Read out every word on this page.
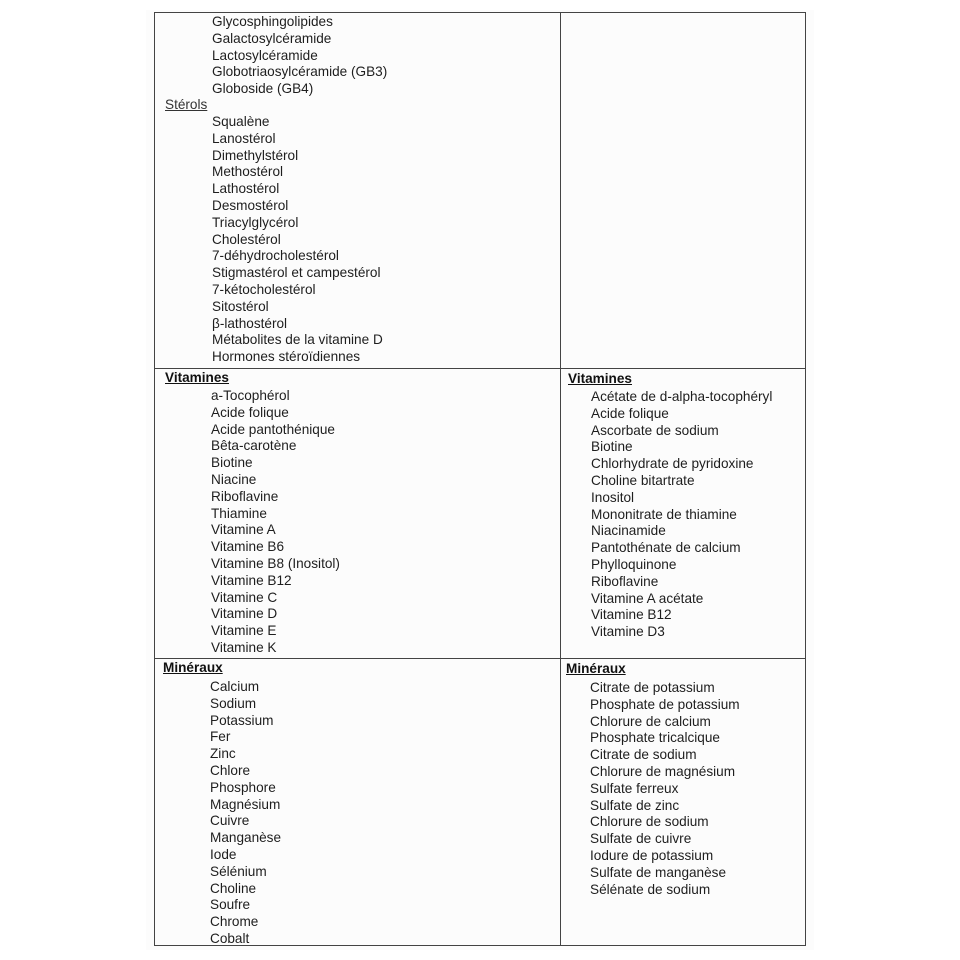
Vitamines	Vitamines
Minéraux	Minéraux
Stérols
Glycosphingolipides
Galactosylcéramide
Lactosylcéramide
Globotriaosylcéramide (GB3)
Globoside (GB4)
Squalène
Lanostérol
Dimethylstérol
Methostérol
Lathostérol
Desmostérol
Triacylglycérol
Cholestérol
7-déhydrocholestérol
Stigmastérol et campestérol
7-kétocholestérol
Sitostérol
β-lathostérol
Métabolites de la vitamine D
Hormones stéroïdiennes
a-Tocophérol
Acide folique
Acide pantothénique
Bêta-carotène
Biotine
Niacine
Riboflavine
Thiamine
Vitamine A
Vitamine B6
Vitamine B8 (Inositol)
Vitamine B12
Vitamine C
Vitamine D
Vitamine E
Vitamine K
Acétate de d-alpha-tocophéryl
Acide folique
Ascorbate de sodium
Biotine
Chlorhydrate de pyridoxine
Choline bitartrate
Inositol
Mononitrate de thiamine
Niacinamide
Pantothénate de calcium
Phylloquinone
Riboflavine
Vitamine A acétate
Vitamine B12
Vitamine D3
Calcium
Sodium
Potassium
Fer
Zinc
Chlore
Phosphore
Magnésium
Cuivre
Manganèse
Iode
Sélénium
Choline
Soufre
Chrome
Cobalt
Citrate de potassium
Phosphate de potassium
Chlorure de calcium
Phosphate tricalcique
Citrate de sodium
Chlorure de magnésium
Sulfate ferreux
Sulfate de zinc
Chlorure de sodium
Sulfate de cuivre
Iodure de potassium
Sulfate de manganèse
Sélénate de sodium
